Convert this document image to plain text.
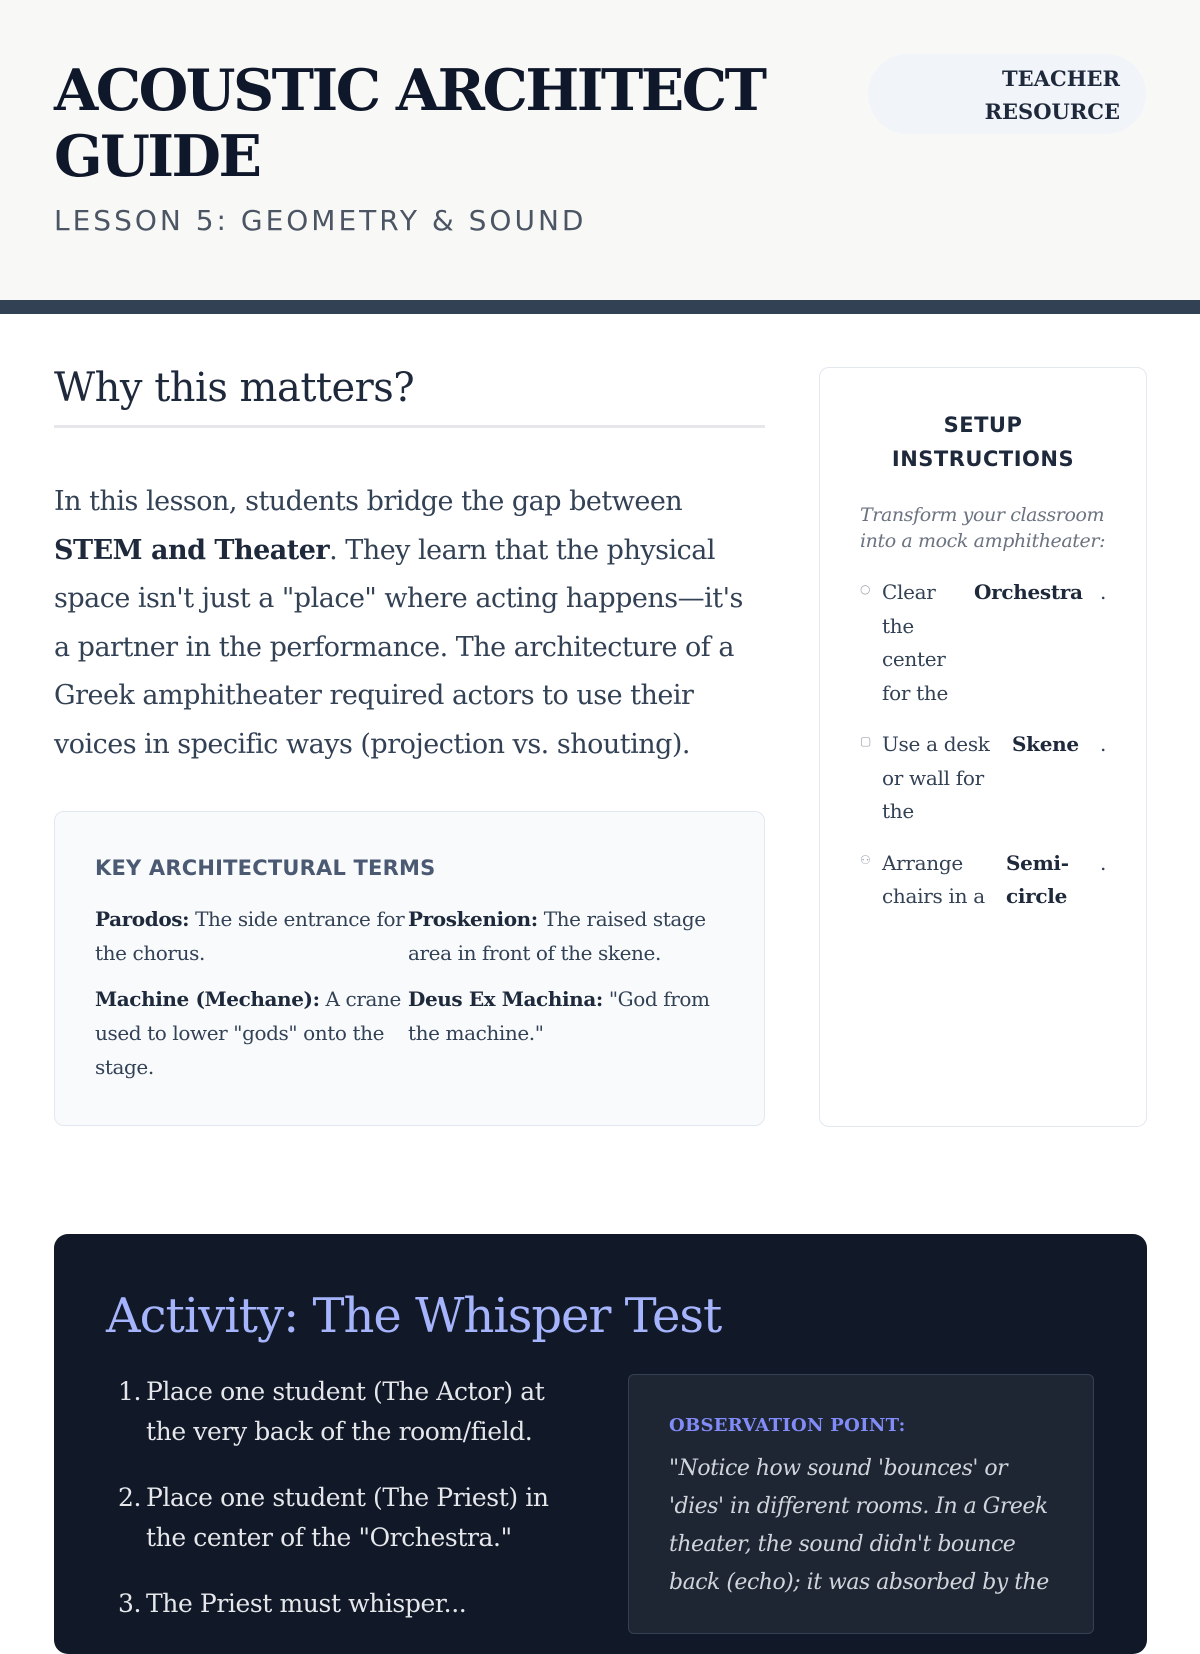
ACOUSTIC ARCHITECT GUIDE
LESSON 5: GEOMETRY & SOUND
TEACHER RESOURCE
Why this matters?

In this lesson, students bridge the gap between STEM and Theater. They learn that the physical space isn't just a "place" where acting happens—it's a partner in the performance. The architecture of a Greek amphitheater required actors to use their voices in specific ways (projection vs. shouting).

KEY ARCHITECTURAL TERMS
Parodos: The side entrance for the chorus.
Proskenion: The raised stage area in front of the skene.
Machine (Mechane): A crane used to lower "gods" onto the stage.
Deus Ex Machina: "God from the machine."
SETUP INSTRUCTIONS

Transform your classroom into a mock amphitheater:

○ Clear the center for the
Orchestra .
▢ Use a desk or wall for the
Skene .
⚇ Arrange chairs in a
Semi-circle
.
Activity: The Whisper Test
1. Place one student (The Actor) at the very back of the room/field.
2. Place one student (The Priest) in the center of the "Orchestra."
3. The Priest must whisper...
OBSERVATION POINT:

"Notice how sound 'bounces' or 'dies' in different rooms. In a Greek theater, the sound didn't bounce back (echo); it was absorbed by the
